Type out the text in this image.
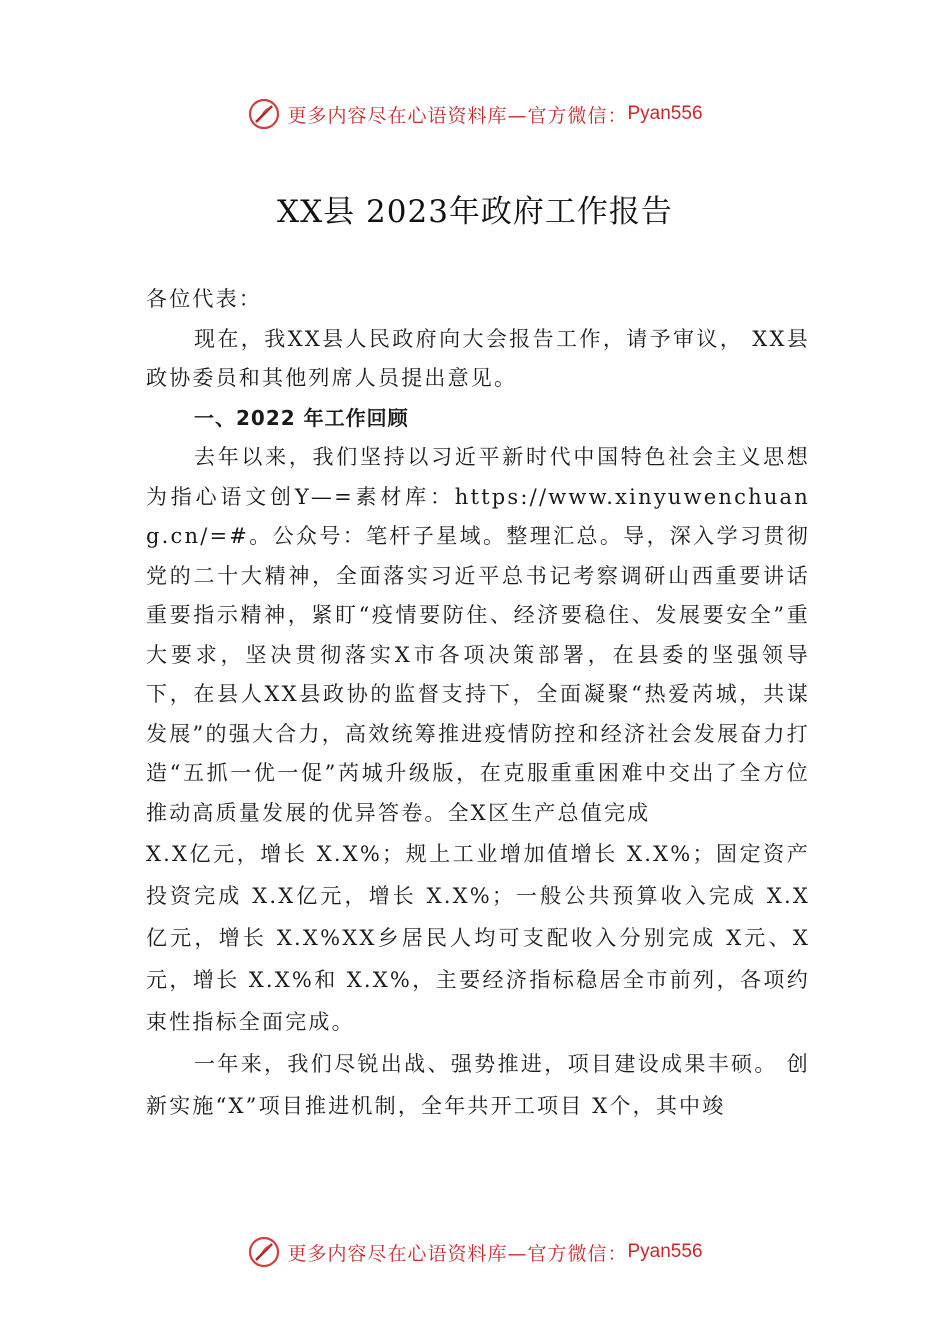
更多内容尽在心语资料库—官方微信： Pyan556
XX县 2023年政府工作报告

各位代表：

现在，我XX县人民政府向大会报告工作，请予审议， XX县政协委员和其他列席人员提出意见。

一、2022 年工作回顾

去年以来，我们坚持以习近平新时代中国特色社会主义思想为指心语文创Y—=素材库：https://www.xinyuwenchuang.cn/=#。公众号：笔杆子星域。整理汇总。导，深入学习贯彻党的二十大精神，全面落实习近平总书记考察调研山西重要讲话重要指示精神，紧盯“疫情要防住、经济要稳住、发展要安全”重大要求，坚决贯彻落实X市各项决策部署，在县委的坚强领导下，在县人XX县政协的监督支持下，全面凝聚“热爱芮城，共谋发展”的强大合力，高效统筹推进疫情防控和经济社会发展奋力打造“五抓一优一促”芮城升级版，在克服重重困难中交出了全方位推动高质量发展的优异答卷。全X区生产总值完成

X.X亿元，增长 X.X%；规上工业增加值增长 X.X%；固定资产投资完成 X.X亿元，增长 X.X%；一般公共预算收入完成 X.X亿元，增长 X.X%XX乡居民人均可支配收入分别完成 X元、X元，增长 X.X%和 X.X%，主要经济指标稳居全市前列，各项约束性指标全面完成。

一年来，我们尽锐出战、强势推进，项目建设成果丰硕。 创新实施“X”项目推进机制，全年共开工项目 X个，其中竣

更多内容尽在心语资料库—官方微信： Pyan556
